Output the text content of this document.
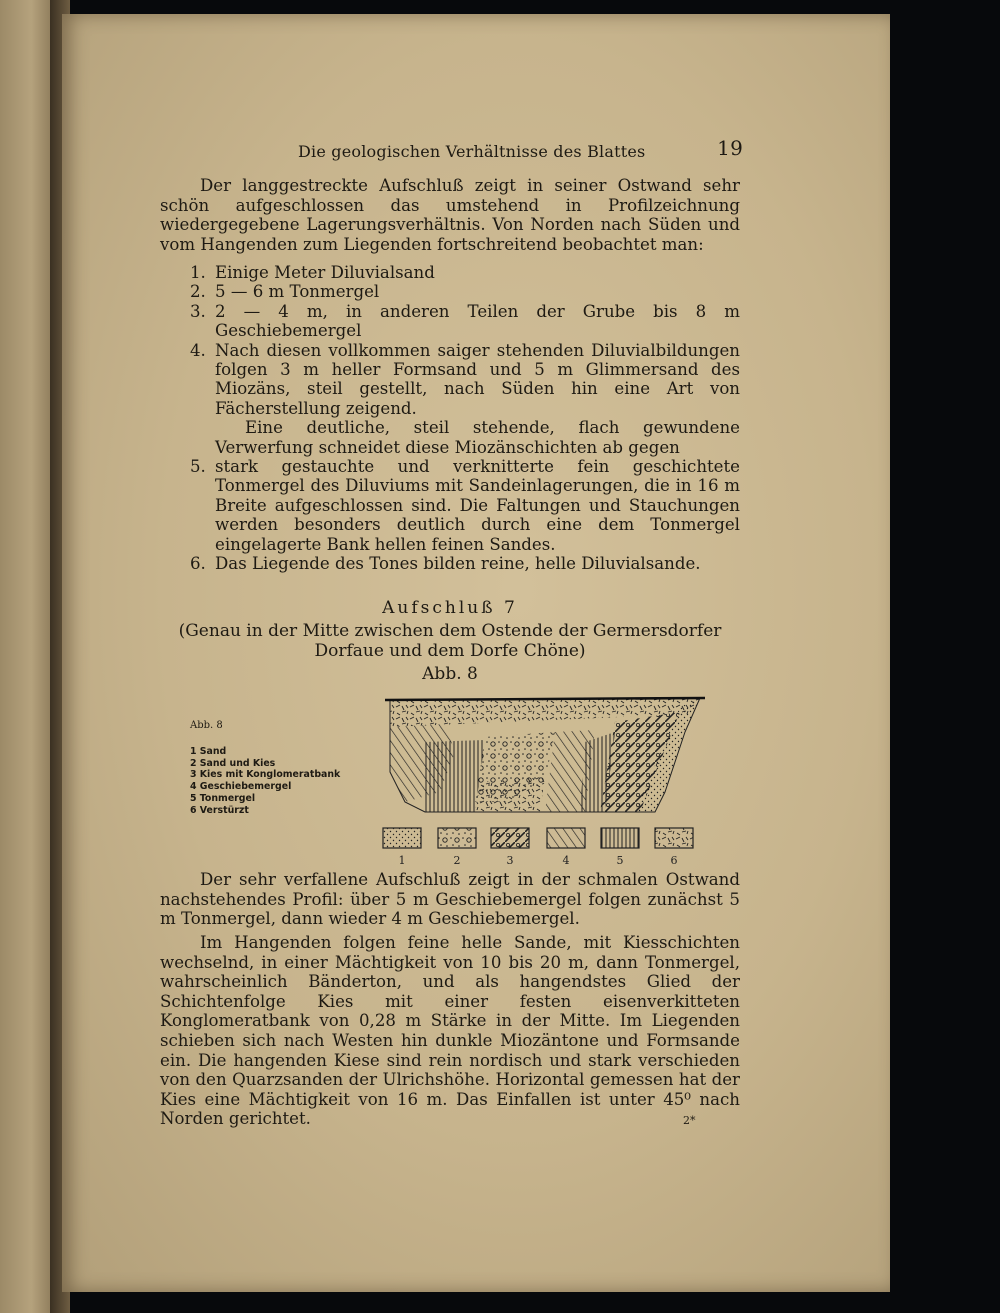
Die geologischen Verhältnisse des Blattes	19
Der langgestreckte Aufschluß zeigt in seiner Ostwand sehr schön aufgeschlossen das umstehend in Profilzeichnung wiedergegebene Lagerungsverhältnis. Von Norden nach Süden und vom Hangenden zum Liegenden fortschreitend beobachtet man:
1. Einige Meter Diluvialsand
2. 5 — 6 m Tonmergel
3. 2 — 4 m, in anderen Teilen der Grube bis 8 m Geschiebemergel
4. Nach diesen vollkommen saiger stehenden Diluvialbildungen folgen 3 m heller Formsand und 5 m Glimmersand des Miozäns, steil gestellt, nach Süden hin eine Art von Fächerstellung zeigend.
Eine deutliche, steil stehende, flach gewundene Verwerfung schneidet diese Miozänschichten ab gegen
5. stark gestauchte und verknitterte fein geschichtete Tonmergel des Diluviums mit Sandeinlagerungen, die in 16 m Breite aufgeschlossen sind. Die Faltungen und Stauchungen werden besonders deutlich durch eine dem Tonmergel eingelagerte Bank hellen feinen Sandes.
6. Das Liegende des Tones bilden reine, helle Diluvialsande.
Aufschluß 7
(Genau in der Mitte zwischen dem Ostende der Germersdorfer Dorfaue und dem Dorfe Chöne)
Abb. 8
Abb. 8
1 Sand
2 Sand und Kies
3 Kies mit Konglomeratbank
4 Geschiebemergel
5 Tonmergel
6 Verstürzt
1	2	3	4	5	6
Der sehr verfallene Aufschluß zeigt in der schmalen Ostwand nachstehendes Profil: über 5 m Geschiebemergel folgen zunächst 5 m Tonmergel, dann wieder 4 m Geschiebemergel.
Im Hangenden folgen feine helle Sande, mit Kiesschichten wechselnd, in einer Mächtigkeit von 10 bis 20 m, dann Tonmergel, wahrscheinlich Bänderton, und als hangendstes Glied der Schichtenfolge Kies mit einer festen eisenverkitteten Konglomeratbank von 0,28 m Stärke in der Mitte. Im Liegenden schieben sich nach Westen hin dunkle Miozäntone und Formsande ein. Die hangenden Kiese sind rein nordisch und stark verschieden von den Quarzsanden der Ulrichshöhe. Horizontal gemessen hat der Kies eine Mächtigkeit von 16 m. Das Einfallen ist unter 45⁰ nach Norden gerichtet.	2*
